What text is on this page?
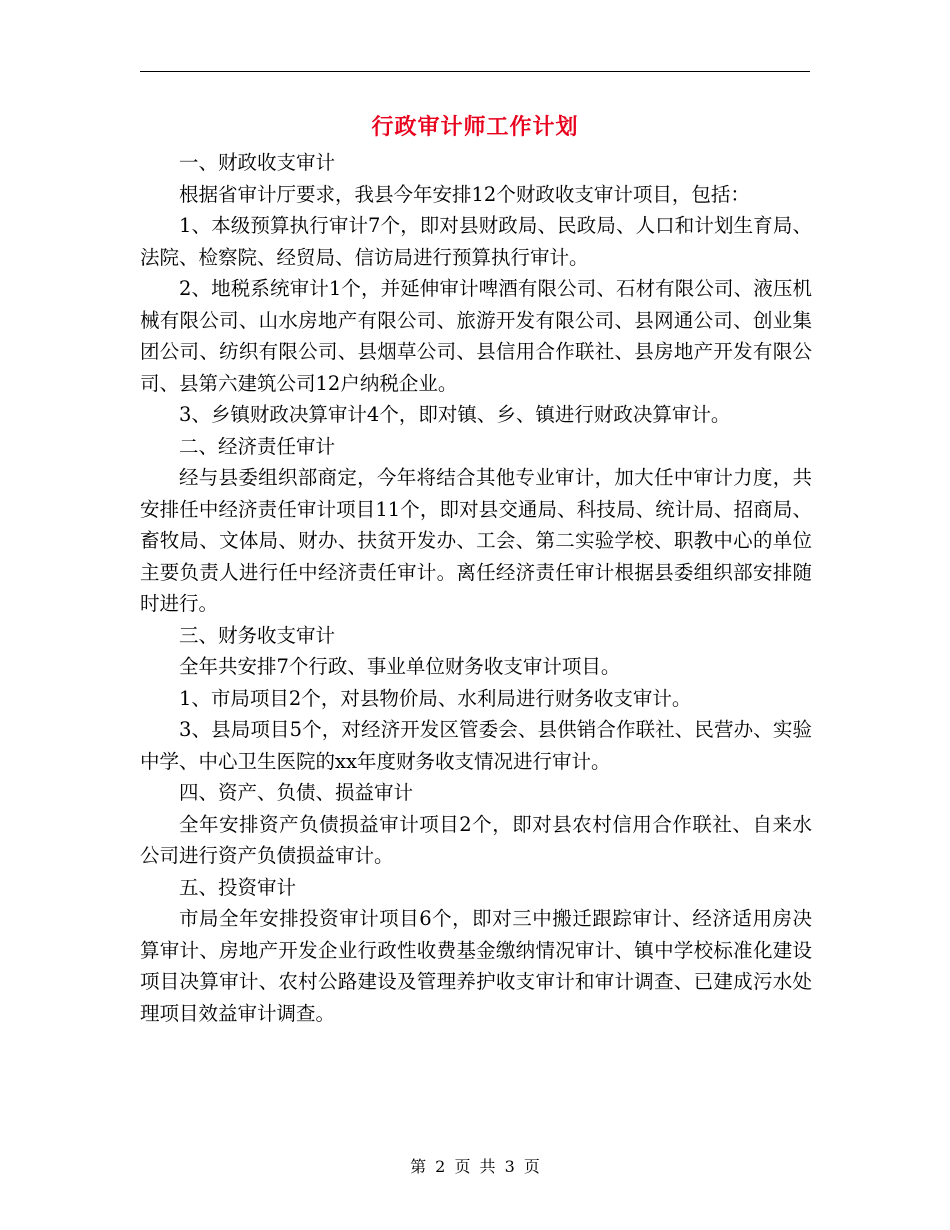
行政审计师工作计划

一、财政收支审计

根据省审计厅要求，我县今年安排12个财政收支审计项目，包括：

1、本级预算执行审计7个，即对县财政局、民政局、人口和计划生育局、法院、检察院、经贸局、信访局进行预算执行审计。

2、地税系统审计1个，并延伸审计啤酒有限公司、石材有限公司、液压机械有限公司、山水房地产有限公司、旅游开发有限公司、县网通公司、创业集团公司、纺织有限公司、县烟草公司、县信用合作联社、县房地产开发有限公司、县第六建筑公司12户纳税企业。

3、乡镇财政决算审计4个，即对镇、乡、镇进行财政决算审计。

二、经济责任审计

经与县委组织部商定，今年将结合其他专业审计，加大任中审计力度，共安排任中经济责任审计项目11个，即对县交通局、科技局、统计局、招商局、畜牧局、文体局、财办、扶贫开发办、工会、第二实验学校、职教中心的单位主要负责人进行任中经济责任审计。离任经济责任审计根据县委组织部安排随时进行。

三、财务收支审计

全年共安排7个行政、事业单位财务收支审计项目。

1、市局项目2个，对县物价局、水利局进行财务收支审计。

3、县局项目5个，对经济开发区管委会、县供销合作联社、民营办、实验中学、中心卫生医院的xx年度财务收支情况进行审计。

四、资产、负债、损益审计

全年安排资产负债损益审计项目2个，即对县农村信用合作联社、自来水公司进行资产负债损益审计。

五、投资审计

市局全年安排投资审计项目6个，即对三中搬迁跟踪审计、经济适用房决算审计、房地产开发企业行政性收费基金缴纳情况审计、镇中学校标准化建设项目决算审计、农村公路建设及管理养护收支审计和审计调查、已建成污水处理项目效益审计调查。

第 2 页 共 3 页
